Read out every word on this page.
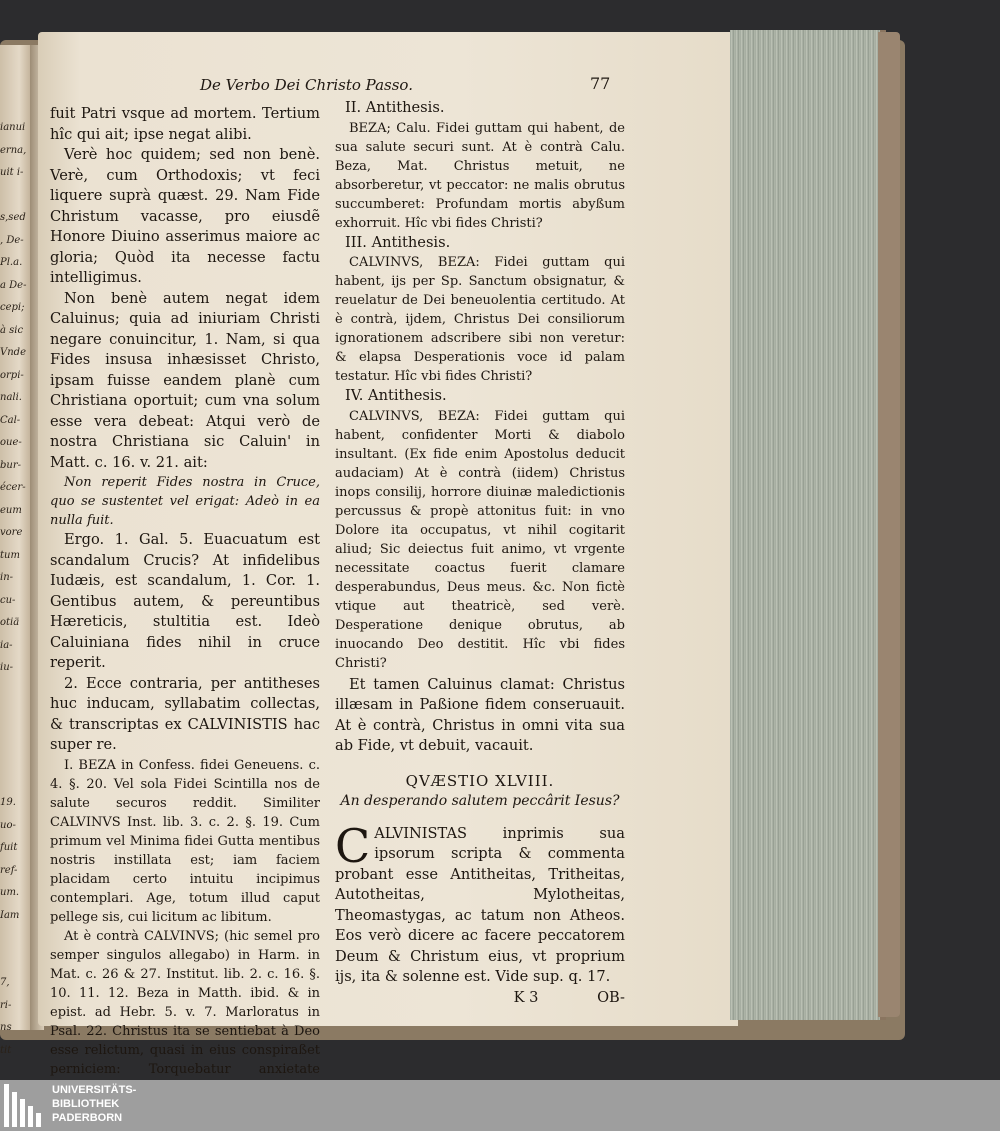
ianui
erna,
uit i-

s,sed
, De-
Pl.a.
a De-
cepi;
à sic
Vnde
orpi-
nali.
Cal-
oue-
bur-
écer-
eum
vore
tum
in-
cu-
otiä
ia-
iu-

19.
uo-
fuit
ref-
um.
Iam

7,
ri-
ns
tit
De Verbo Dei Christo Passo.	77

fuit Patri vsque ad mortem. Tertium hîc qui ait; ipse negat alibi.

Verè hoc quidem; sed non benè. Verè, cum Orthodoxis; vt feci liquere suprà quæst. 29. Nam Fide Christum vacasse, pro eiusdẽ Honore Diuino asserimus maiore ac gloria; Quòd ita necesse factu intelligimus.

Non benè autem negat idem Caluinus; quia ad iniuriam Christi negare conuincitur, 1. Nam, si qua Fides insusa inhæsisset Christo, ipsam fuisse eandem planè cum Christiana oportuit; cum vna solum esse vera debeat: Atqui verò de nostra Christiana sic Caluin' in Matt. c. 16. v. 21. ait:

Non reperit Fides nostra in Cruce, quo se sustentet vel erigat: Adeò in ea nulla fuit.

Ergo. 1. Gal. 5. Euacuatum est scandalum Crucis? At infidelibus Iudæis, est scandalum, 1. Cor. 1. Gentibus autem, & pereuntibus Hæreticis, stultitia est. Ideò Caluiniana fides nihil in cruce reperit.

2. Ecce contraria, per antitheses huc inducam, syllabatim collectas, & transcriptas ex CALVINISTIS hac super re.

I. BEZA in Confess. fidei Geneuens. c. 4. §. 20. Vel sola Fidei Scintilla nos de salute securos reddit. Similiter CALVINVS Inst. lib. 3. c. 2. §. 19. Cum primum vel Minima fidei Gutta mentibus nostris instillata est; iam faciem placidam certo intuitu incipimus contemplari. Age, totum illud caput pellege sis, cui licitum ac libitum.

At è contrà CALVINVS; (hic semel pro semper singulos allegabo) in Harm. in Mat. c. 26 & 27. Institut. lib. 2. c. 16. §. 10. 11. 12. Beza in Matth. ibid. & in epist. ad Hebr. 5. v. 7. Marloratus in Psal. 22. Christus ita se sentiebat à Deo esse relictum, quasi in eius conspiraßet perniciem: Torquebatur anxietate

II. Antithesis.

BEZA; Calu. Fidei guttam qui habent, de sua salute securi sunt. At è contrà Calu. Beza, Mat. Christus metuit, ne absorberetur, vt peccator: ne malis obrutus succumberet: Profundam mortis abyßum exhorruit. Hîc vbi fides Christi?

III. Antithesis.

CALVINVS, BEZA: Fidei guttam qui habent, ijs per Sp. Sanctum obsignatur, & reuelatur de Dei beneuolentia certitudo. At è contrà, ijdem, Christus Dei consiliorum ignorationem adscribere sibi non veretur: & elapsa Desperationis voce id palam testatur. Hîc vbi fides Christi?

IV. Antithesis.

CALVINVS, BEZA: Fidei guttam qui habent, confidenter Morti & diabolo insultant. (Ex fide enim Apostolus deducit audaciam) At è contrà (iidem) Christus inops consilij, horrore diuinæ maledictionis percussus & propè attonitus fuit: in vno Dolore ita occupatus, vt nihil cogitarit aliud; Sic deiectus fuit animo, vt vrgente necessitate coactus fuerit clamare desperabundus, Deus meus. &c. Non fictè vtique aut theatricè, sed verè. Desperatione denique obrutus, ab inuocando Deo destitit. Hîc vbi fides Christi?

Et tamen Caluinus clamat: Christus illæsam in Paßione fidem conseruauit. At è contrà, Christus in omni vita sua ab Fide, vt debuit, vacauit.

QVÆSTIO XLVIII.

An desperando salutem peccârit Iesus?

C ALVINISTAS inprimis sua ipsorum scripta & commenta probant esse Antitheitas, Tritheitas, Autotheitas, Mylotheitas, Theomastygas, ac tatum non Atheos. Eos verò dicere ac facere peccatorem Deum & Christum eius, vt proprium ijs, ita & solenne est. Vide sup. q. 17.

K 3	OB-
UNIVERSITÄTS-
BIBLIOTHEK
PADERBORN
